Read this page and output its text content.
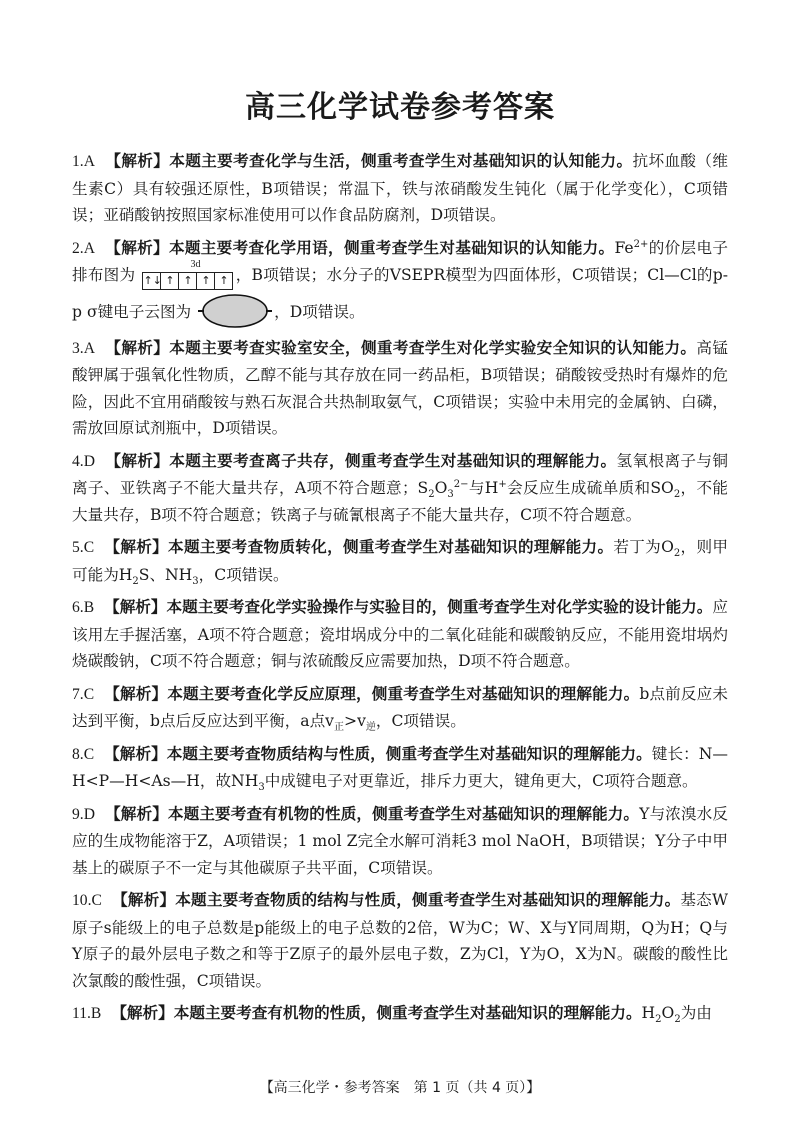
高三化学试卷参考答案
1.A 【解析】本题主要考查化学与生活，侧重考查学生对基础知识的认知能力。抗坏血酸（维生素C）具有较强还原性，B项错误；常温下，铁与浓硝酸发生钝化（属于化学变化），C项错误；亚硝酸钠按照国家标准使用可以作食品防腐剂，D项错误。
2.A 【解析】本题主要考查化学用语，侧重考查学生对基础知识的认知能力。$Fe^{2+}$的价层电子排布图为
3d
↑↓ ↑ ↑ ↑ ↑ ，B项错误；水分子的VSEPR模型为四面体形，C项错误；Cl—Cl的p-p σ键电子云图为	，D项错误。
3.A 【解析】本题主要考查实验室安全，侧重考查学生对化学实验安全知识的认知能力。高锰酸钾属于强氧化性物质，乙醇不能与其存放在同一药品柜，B项错误；硝酸铵受热时有爆炸的危险，因此不宜用硝酸铵与熟石灰混合共热制取氨气，C项错误；实验中未用完的金属钠、白磷，需放回原试剂瓶中，D项错误。
4.D 【解析】本题主要考查离子共存，侧重考查学生对基础知识的理解能力。氢氧根离子与铜离子、亚铁离子不能大量共存，A项不符合题意；$S_2O_3^{2-}$与H+会反应生成硫单质和$SO_2$，不能大量共存，B项不符合题意；铁离子与硫氰根离子不能大量共存，C项不符合题意。
5.C 【解析】本题主要考查物质转化，侧重考查学生对基础知识的理解能力。若丁为$O_2$，则甲可能为$H_2S$、$NH_3$，C项错误。
6.B 【解析】本题主要考查化学实验操作与实验目的，侧重考查学生对化学实验的设计能力。应该用左手握活塞，A项不符合题意；瓷坩埚成分中的二氧化硅能和碳酸钠反应，不能用瓷坩埚灼烧碳酸钠，C项不符合题意；铜与浓硫酸反应需要加热，D项不符合题意。
7.C 【解析】本题主要考查化学反应原理，侧重考查学生对基础知识的理解能力。b点前反应未达到平衡，b点后反应达到平衡，a点$v_正>v_逆$，C项错误。
8.C 【解析】本题主要考查物质结构与性质，侧重考查学生对基础知识的理解能力。键长：N—H<P—H<As—H，故$NH_3$中成键电子对更靠近，排斥力更大，键角更大，C项符合题意。
9.D 【解析】本题主要考查有机物的性质，侧重考查学生对基础知识的理解能力。Y与浓溴水反应的生成物能溶于Z，A项错误；1 mol Z完全水解可消耗3 mol NaOH，B项错误；Y分子中甲基上的碳原子不一定与其他碳原子共平面，C项错误。
10.C 【解析】本题主要考查物质的结构与性质，侧重考查学生对基础知识的理解能力。基态W原子s能级上的电子总数是p能级上的电子总数的2倍，W为C；W、X与Y同周期，Q为H；Q与Y原子的最外层电子数之和等于Z原子的最外层电子数，Z为Cl，Y为O，X为N。碳酸的酸性比次氯酸的酸性强，C项错误。
11.B 【解析】本题主要考查有机物的性质，侧重考查学生对基础知识的理解能力。$H_2O_2$为由
【高三化学・参考答案　第 1 页（共 4 页）】
